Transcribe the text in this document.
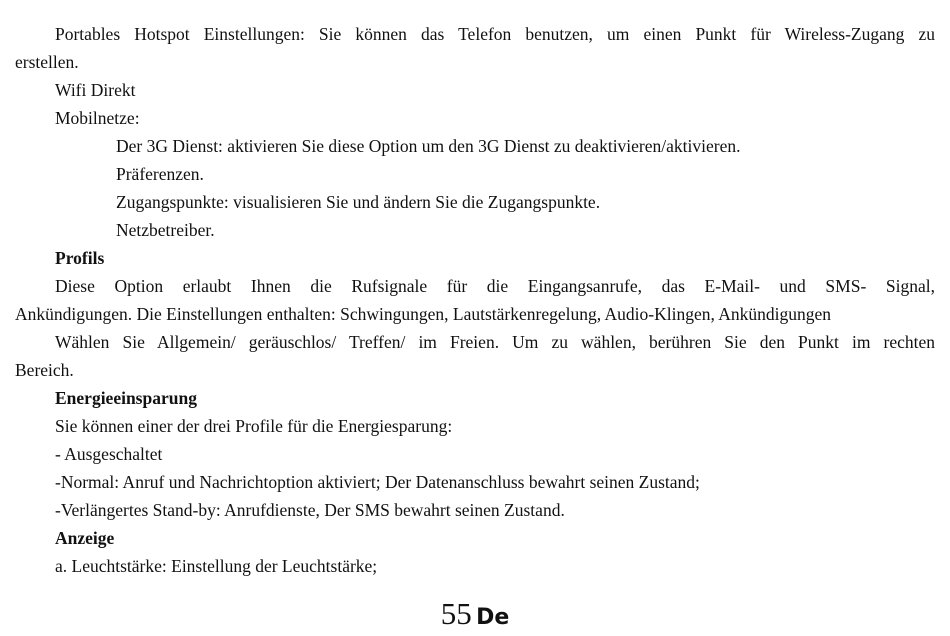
Portables Hotspot Einstellungen: Sie können das Telefon benutzen, um einen Punkt für Wireless-Zugang zu
erstellen.
Wifi Direkt
Mobilnetze:
Der 3G Dienst: aktivieren Sie diese Option um den 3G Dienst zu deaktivieren/aktivieren.
Präferenzen.
Zugangspunkte: visualisieren Sie und ändern Sie die Zugangspunkte.
Netzbetreiber.
Profils
Diese Option erlaubt Ihnen die Rufsignale für die Eingangsanrufe, das E-Mail- und SMS- Signal,
Ankündigungen. Die Einstellungen enthalten: Schwingungen, Lautstärkenregelung, Audio-Klingen, Ankündigungen
Wählen Sie Allgemein/ geräuschlos/ Treffen/ im Freien. Um zu wählen, berühren Sie den Punkt im rechten
Bereich.
Energieeinsparung
Sie können einer der drei Profile für die Energiesparung:
- Ausgeschaltet
-Normal: Anruf und Nachrichtoption aktiviert; Der Datenanschluss bewahrt seinen Zustand;
-Verlängertes Stand-by: Anrufdienste, Der SMS bewahrt seinen Zustand.
Anzeige
a. Leuchtstärke: Einstellung der Leuchtstärke;
55 De
